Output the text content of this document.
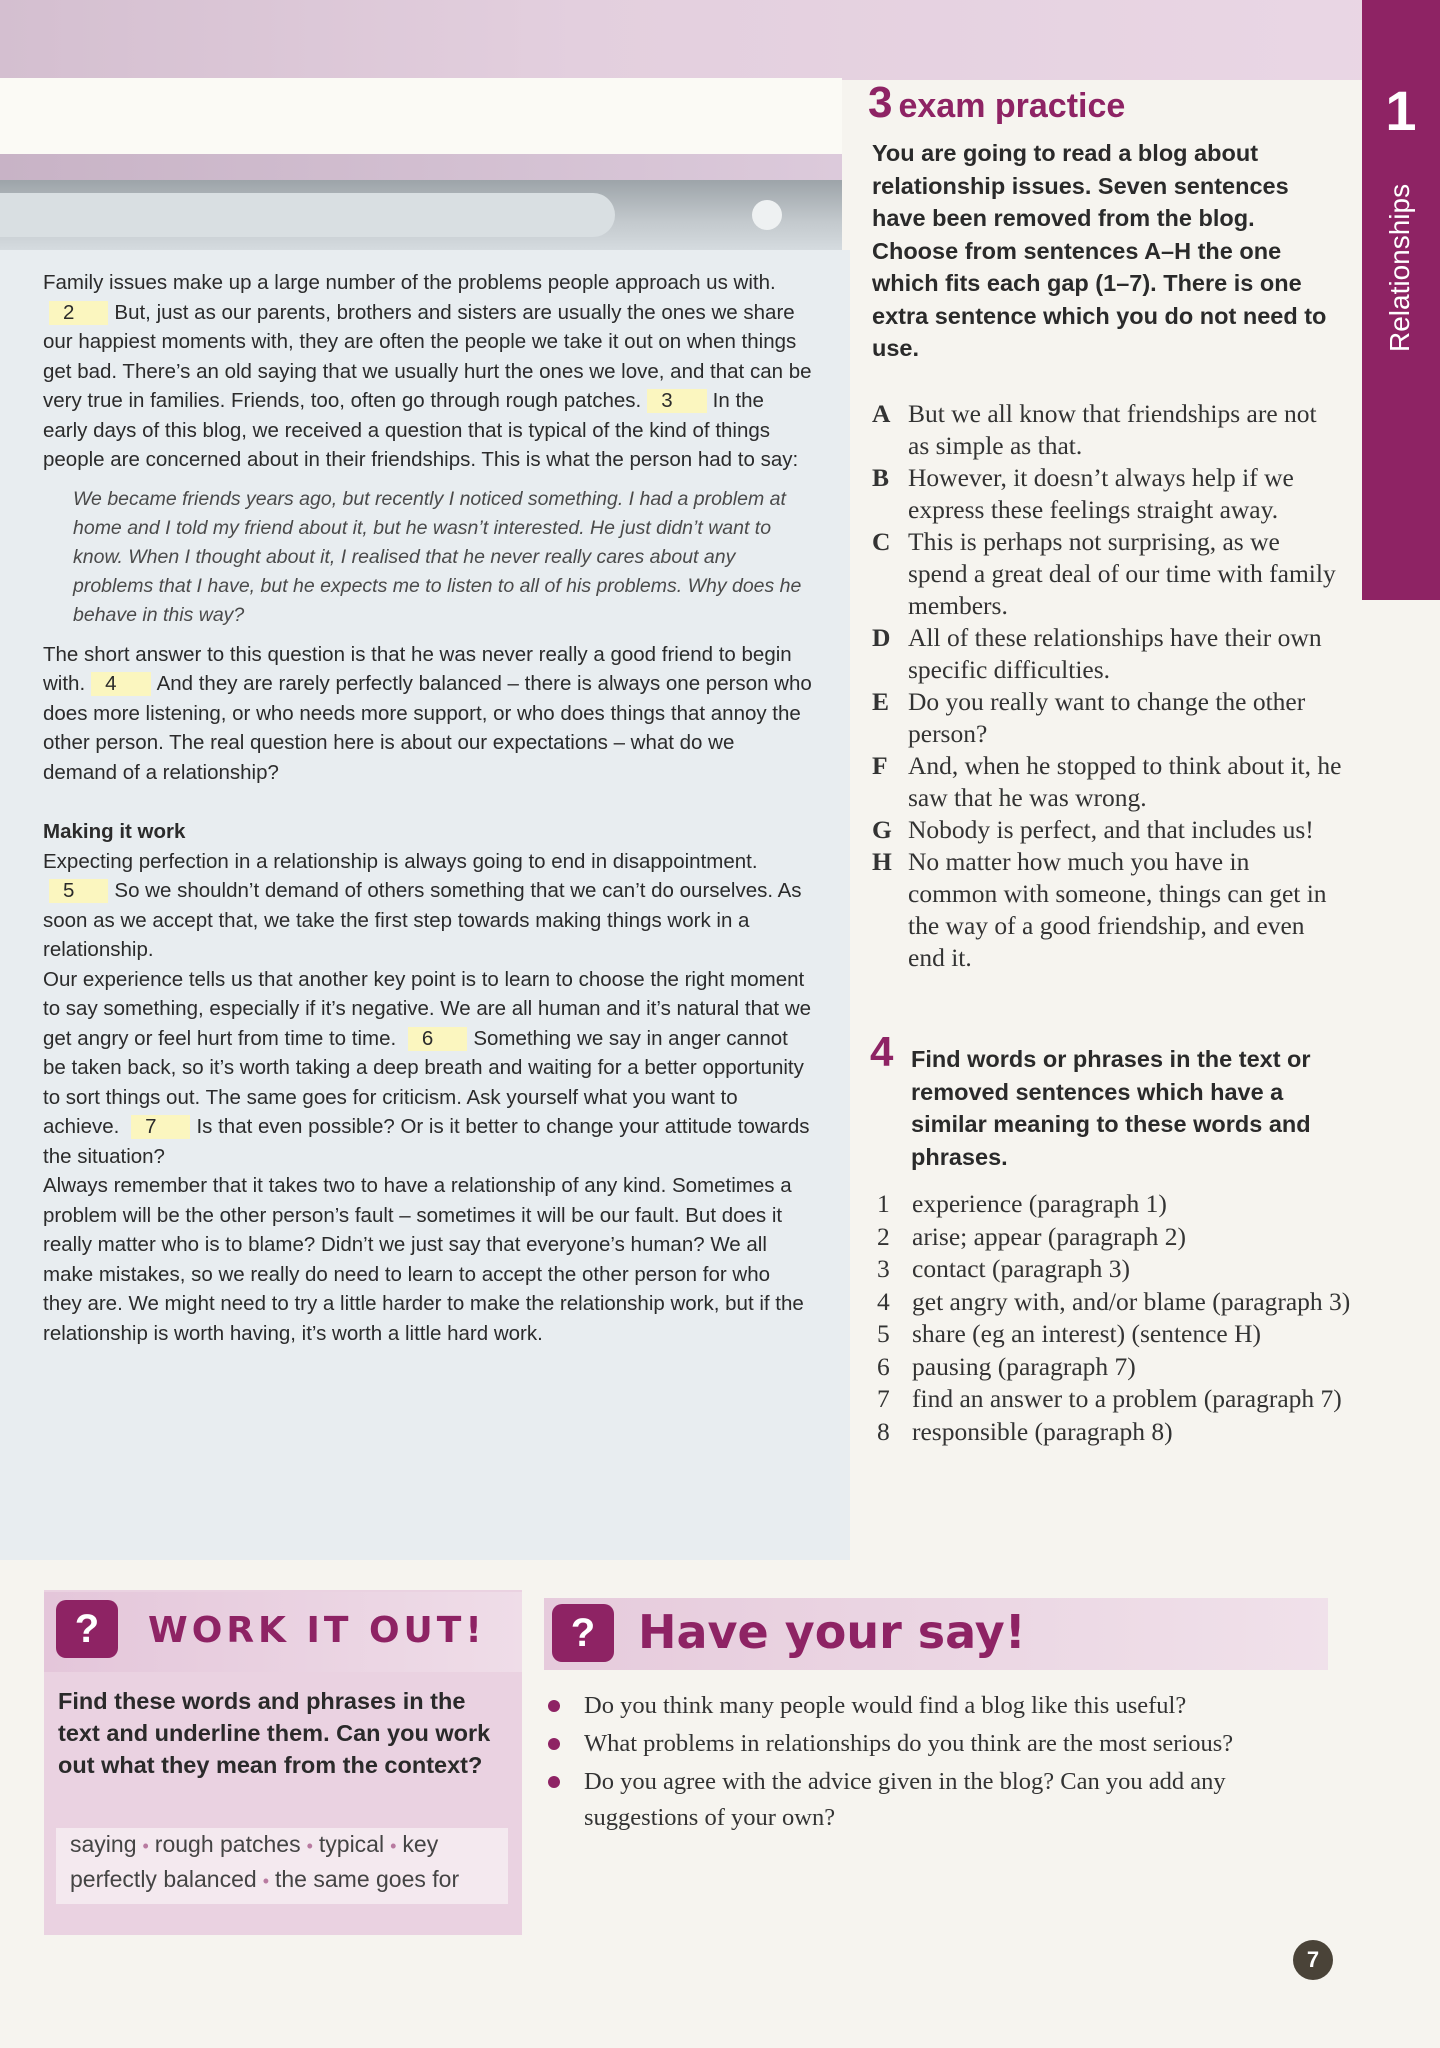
1
Relationships

Family issues make up a large number of the problems people approach us with.2 But, just as our parents, brothers and sisters are usually the ones we share our happiest moments with, they are often the people we take it out on when things get bad. There’s an old saying that we usually hurt the ones we love, and that can be very true in families. Friends, too, often go through rough patches. 3 In the early days of this blog, we received a question that is typical of the kind of things people are concerned about in their friendships. This is what the person had to say:

We became friends years ago, but recently I noticed something. I had a problem at home and I told my friend about it, but he wasn’t interested. He just didn’t want to know. When I thought about it, I realised that he never really cares about any problems that I have, but he expects me to listen to all of his problems. Why does he behave in this way?

The short answer to this question is that he was never really a good friend to begin with. 4 And they are rarely perfectly balanced – there is always one person who does more listening, or who needs more support, or who does things that annoy the other person. The real question here is about our expectations – what do we demand of a relationship?

Making it work

Expecting perfection in a relationship is always going to end in disappointment.5 So we shouldn’t demand of others something that we can’t do ourselves. As soon as we accept that, we take the first step towards making things work in a relationship.

Our experience tells us that another key point is to learn to choose the right moment to say something, especially if it’s negative. We are all human and it’s natural that we get angry or feel hurt from time to time. 6 Something we say in anger cannot be taken back, so it’s worth taking a deep breath and waiting for a better opportunity to sort things out. The same goes for criticism. Ask yourself what you want to achieve. 7 Is that even possible? Or is it better to change your attitude towards the situation?

Always remember that it takes two to have a relationship of any kind. Sometimes a problem will be the other person’s fault – sometimes it will be our fault. But does it really matter who is to blame? Didn’t we just say that everyone’s human? We all make mistakes, so we really do need to learn to accept the other person for who they are. We might need to try a little harder to make the relationship work, but if the relationship is worth having, it’s worth a little hard work.

3 exam practice
You are going to read a blog about relationship issues. Seven sentences have been removed from the blog. Choose from sentences A–H the one which fits each gap (1–7). There is one extra sentence which you do not need to use.
A But we all know that friendships are not as simple as that.
B However, it doesn’t always help if we express these feelings straight away.
C This is perhaps not surprising, as we spend a great deal of our time with family members.
D All of these relationships have their own specific difficulties.
E Do you really want to change the other person?
F And, when he stopped to think about it, he saw that he was wrong.
G Nobody is perfect, and that includes us!
H No matter how much you have in common with someone, things can get in the way of a good friendship, and even end it.
4 Find words or phrases in the text or removed sentences which have a similar meaning to these words and phrases.
1 experience (paragraph 1)
2 arise; appear (paragraph 2)
3 contact (paragraph 3)
4 get angry with, and/or blame (paragraph 3)
5 share (eg an interest) (sentence H)
6 pausing (paragraph 7)
7 find an answer to a problem (paragraph 7)
8 responsible (paragraph 8)
?	WORK IT OUT!
Find these words and phrases in the text and underline them. Can you work out what they mean from the context?
saying • rough patches • typical • key
perfectly balanced • the same goes for
? Have your say!
Do you think many people would find a blog like this useful?
What problems in relationships do you think are the most serious?
Do you agree with the advice given in the blog? Can you add any suggestions of your own?
7
